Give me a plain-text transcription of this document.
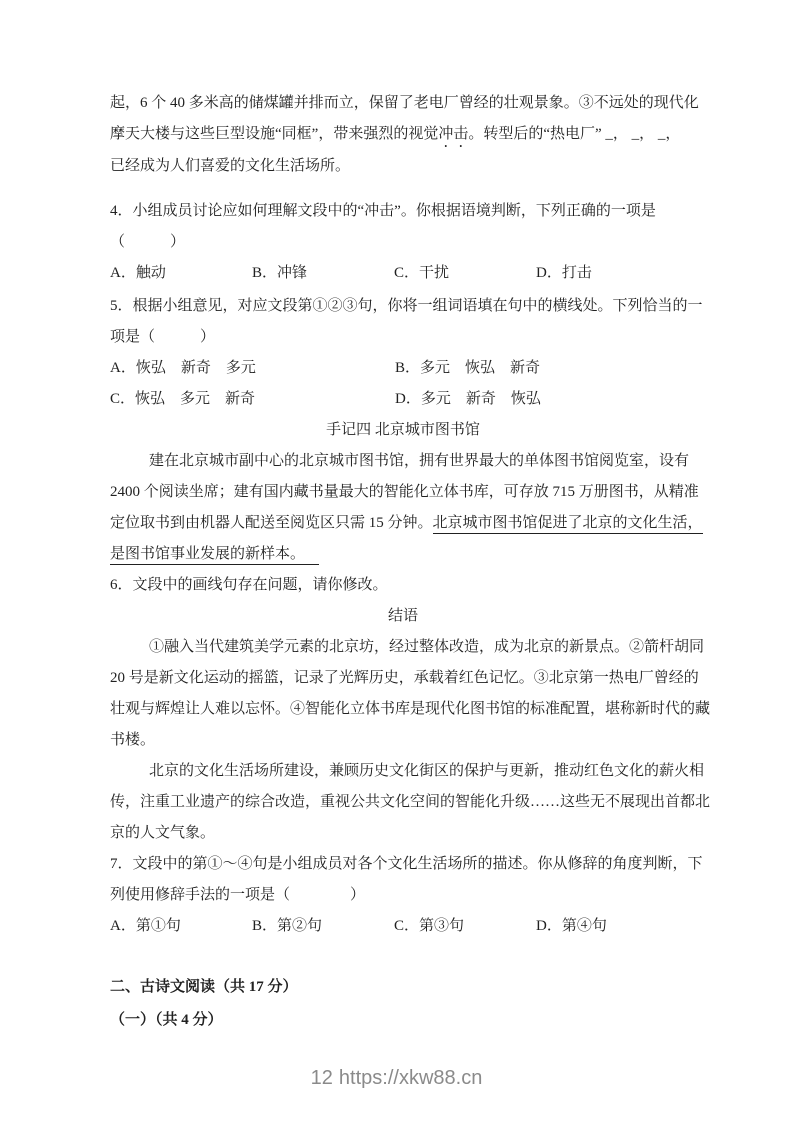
起，6 个 40 多米高的储煤罐并排而立，保留了老电厂曾经的壮观景象。③不远处的现代化
摩天大楼与这些巨型设施“同框”，带来强烈的视觉冲击。转型后的“热电厂” _， _， _，
已经成为人们喜爱的文化生活场所。
4．小组成员讨论应如何理解文段中的“冲击”。你根据语境判断，下列正确的一项是
（　　　）
A．触动	B．冲锋	C．干扰	D．打击
5．根据小组意见，对应文段第①②③句，你将一组词语填在句中的横线处。下列恰当的一
项是（　　　）
A．恢弘　新奇　多元	B．多元　恢弘　新奇
C．恢弘　多元　新奇	D．多元　新奇　恢弘
手记四 北京城市图书馆
建在北京城市副中心的北京城市图书馆，拥有世界最大的单体图书馆阅览室，设有
2400 个阅读坐席；建有国内藏书量最大的智能化立体书库，可存放 715 万册图书，从精准
定位取书到由机器人配送至阅览区只需 15 分钟。北京城市图书馆促进了北京的文化生活，
是图书馆事业发展的新样本。
6．文段中的画线句存在问题，请你修改。
结语
①融入当代建筑美学元素的北京坊，经过整体改造，成为北京的新景点。②箭杆胡同
20 号是新文化运动的摇篮，记录了光辉历史，承载着红色记忆。③北京第一热电厂曾经的
壮观与辉煌让人难以忘怀。④智能化立体书库是现代化图书馆的标准配置，堪称新时代的藏
书楼。
北京的文化生活场所建设，兼顾历史文化街区的保护与更新，推动红色文化的薪火相
传，注重工业遗产的综合改造，重视公共文化空间的智能化升级……这些无不展现出首都北
京的人文气象。
7．文段中的第①～④句是小组成员对各个文化生活场所的描述。你从修辞的角度判断，下
列使用修辞手法的一项是（　　　　）
A．第①句	B．第②句	C．第③句	D．第④句
二、古诗文阅读（共 17 分）
（一）（共 4 分）
12 https://xkw88.cn
